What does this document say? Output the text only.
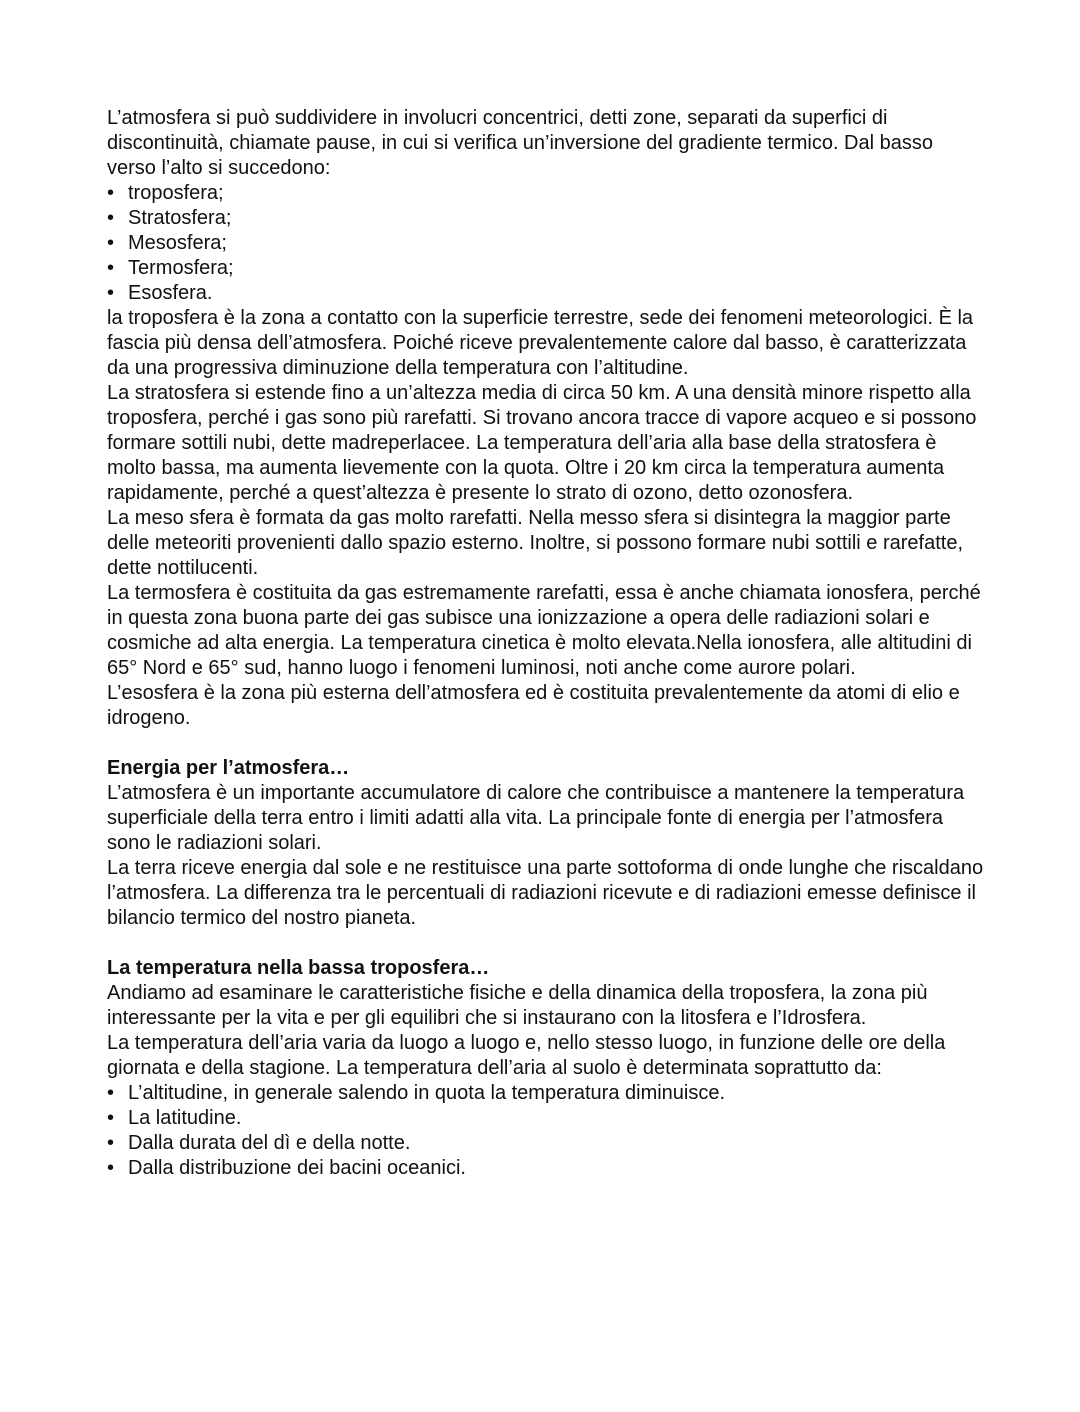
L’atmosfera si può suddividere in involucri concentrici, detti zone, separati da superfici di discontinuità, chiamate pause, in cui si verifica un’inversione del gradiente termico. Dal basso verso l’alto si succedono:

• troposfera;
• Stratosfera;
• Mesosfera;
• Termosfera;
• Esosfera.

la troposfera è la zona a contatto con la superficie terrestre, sede dei fenomeni meteorologici. È la fascia più densa dell’atmosfera. Poiché riceve prevalentemente calore dal basso, è caratterizzata da una progressiva diminuzione della temperatura con l’altitudine.

La stratosfera si estende fino a un’altezza media di circa 50 km. A una densità minore rispetto alla troposfera, perché i gas sono più rarefatti. Si trovano ancora tracce di vapore acqueo e si possono formare sottili nubi, dette madreperlacee. La temperatura dell’aria alla base della stratosfera è molto bassa, ma aumenta lievemente con la quota. Oltre i 20 km circa la temperatura aumenta rapidamente, perché a quest’altezza è presente lo strato di ozono, detto ozonosfera.

La meso sfera è formata da gas molto rarefatti. Nella messo sfera si disintegra la maggior parte delle meteoriti provenienti dallo spazio esterno. Inoltre, si possono formare nubi sottili e rarefatte, dette nottilucenti.

La termosfera è costituita da gas estremamente rarefatti, essa è anche chiamata ionosfera, perché in questa zona buona parte dei gas subisce una ionizzazione a opera delle radiazioni solari e cosmiche ad alta energia. La temperatura cinetica è molto elevata.Nella ionosfera, alle altitudini di 65° Nord e 65° sud, hanno luogo i fenomeni luminosi, noti anche come aurore polari.

L’esosfera è la zona più esterna dell’atmosfera ed è costituita prevalentemente da atomi di elio e idrogeno.

Energia per l’atmosfera…

L’atmosfera è un importante accumulatore di calore che contribuisce a mantenere la temperatura superficiale della terra entro i limiti adatti alla vita. La principale fonte di energia per l’atmosfera sono le radiazioni solari.

La terra riceve energia dal sole e ne restituisce una parte sottoforma di onde lunghe che riscaldano l’atmosfera. La differenza tra le percentuali di radiazioni ricevute e di radiazioni emesse definisce il bilancio termico del nostro pianeta.

La temperatura nella bassa troposfera…

Andiamo ad esaminare le caratteristiche fisiche e della dinamica della troposfera, la zona più interessante per la vita e per gli equilibri che si instaurano con la litosfera e l’Idrosfera.

La temperatura dell’aria varia da luogo a luogo e, nello stesso luogo, in funzione delle ore della giornata e della stagione. La temperatura dell’aria al suolo è determinata soprattutto da:

• L’altitudine, in generale salendo in quota la temperatura diminuisce.
• La latitudine.
• Dalla durata del dì e della notte.
• Dalla distribuzione dei bacini oceanici.
